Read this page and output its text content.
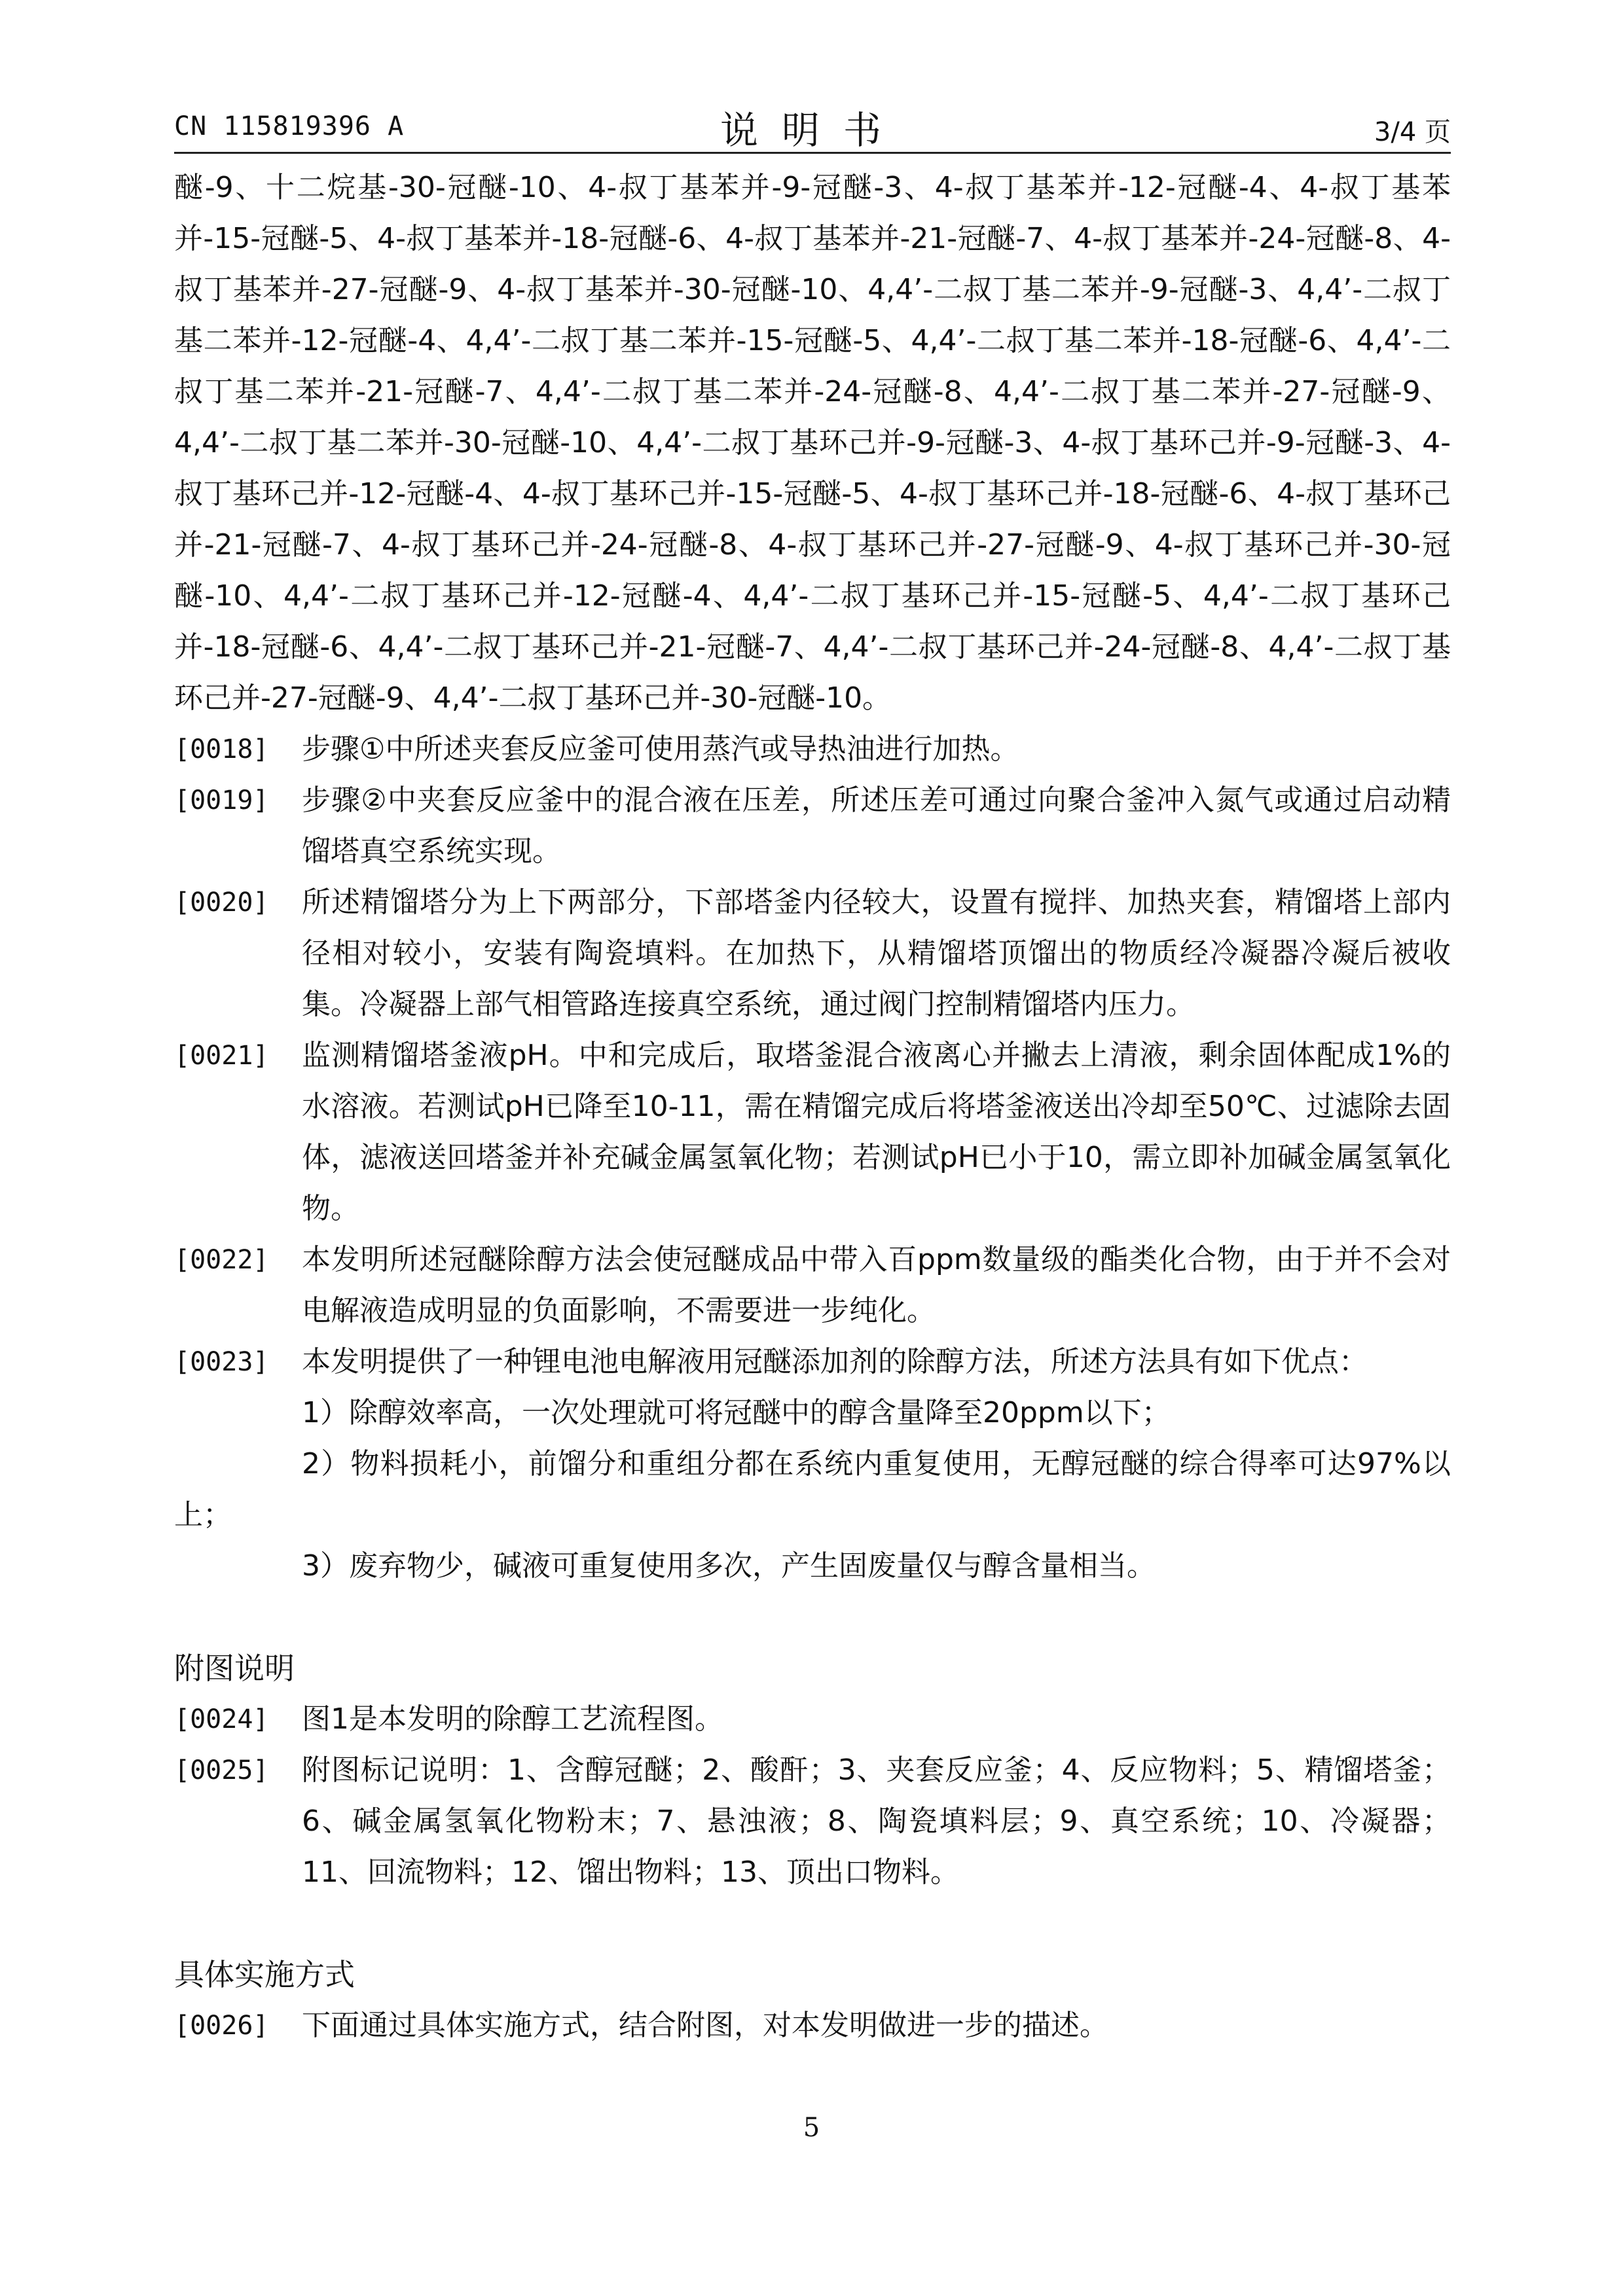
CN 115819396 A	说明书	3/4 页
醚-9、十二烷基-30-冠醚-10、4-叔丁基苯并-9-冠醚-3、4-叔丁基苯并-12-冠醚-4、4-叔丁基苯并-15-冠醚-5、4-叔丁基苯并-18-冠醚-6、4-叔丁基苯并-21-冠醚-7、4-叔丁基苯并-24-冠醚-8、4-叔丁基苯并-27-冠醚-9、4-叔丁基苯并-30-冠醚-10、4,4’-二叔丁基二苯并-9-冠醚-3、4,4’-二叔丁基二苯并-12-冠醚-4、4,4’-二叔丁基二苯并-15-冠醚-5、4,4’-二叔丁基二苯并-18-冠醚-6、4,4’-二叔丁基二苯并-21-冠醚-7、4,4’-二叔丁基二苯并-24-冠醚-8、4,4’-二叔丁基二苯并-27-冠醚-9、4,4’-二叔丁基二苯并-30-冠醚-10、4,4’-二叔丁基环己并-9-冠醚-3、4-叔丁基环己并-9-冠醚-3、4-叔丁基环己并-12-冠醚-4、4-叔丁基环己并-15-冠醚-5、4-叔丁基环己并-18-冠醚-6、4-叔丁基环己并-21-冠醚-7、4-叔丁基环己并-24-冠醚-8、4-叔丁基环己并-27-冠醚-9、4-叔丁基环己并-30-冠醚-10、4,4’-二叔丁基环己并-12-冠醚-4、4,4’-二叔丁基环己并-15-冠醚-5、4,4’-二叔丁基环己并-18-冠醚-6、4,4’-二叔丁基环己并-21-冠醚-7、4,4’-二叔丁基环己并-24-冠醚-8、4,4’-二叔丁基环己并-27-冠醚-9、4,4’-二叔丁基环己并-30-冠醚-10。
[0018] 步骤①中所述夹套反应釜可使用蒸汽或导热油进行加热。
[0019] 步骤②中夹套反应釜中的混合液在压差，所述压差可通过向聚合釜冲入氮气或通过启动精馏塔真空系统实现。
[0020] 所述精馏塔分为上下两部分，下部塔釜内径较大，设置有搅拌、加热夹套，精馏塔上部内径相对较小，安装有陶瓷填料。在加热下，从精馏塔顶馏出的物质经冷凝器冷凝后被收集。冷凝器上部气相管路连接真空系统，通过阀门控制精馏塔内压力。
[0021] 监测精馏塔釜液pH。中和完成后，取塔釜混合液离心并撇去上清液，剩余固体配成1%的水溶液。若测试pH已降至10-11，需在精馏完成后将塔釜液送出冷却至50℃、过滤除去固体，滤液送回塔釜并补充碱金属氢氧化物；若测试pH已小于10，需立即补加碱金属氢氧化物。
[0022] 本发明所述冠醚除醇方法会使冠醚成品中带入百ppm数量级的酯类化合物，由于并不会对电解液造成明显的负面影响，不需要进一步纯化。
[0023] 本发明提供了一种锂电池电解液用冠醚添加剂的除醇方法，所述方法具有如下优点：
1）除醇效率高，一次处理就可将冠醚中的醇含量降至20ppm以下；
2）物料损耗小，前馏分和重组分都在系统内重复使用，无醇冠醚的综合得率可达97%以上；
3）废弃物少，碱液可重复使用多次，产生固废量仅与醇含量相当。
附图说明
[0024] 图1是本发明的除醇工艺流程图。
[0025] 附图标记说明：1、含醇冠醚；2、酸酐；3、夹套反应釜；4、反应物料；5、精馏塔釜；6、碱金属氢氧化物粉末；7、悬浊液；8、陶瓷填料层；9、真空系统；10、冷凝器；11、回流物料；12、馏出物料；13、顶出口物料。
具体实施方式
[0026] 下面通过具体实施方式，结合附图，对本发明做进一步的描述。
5
